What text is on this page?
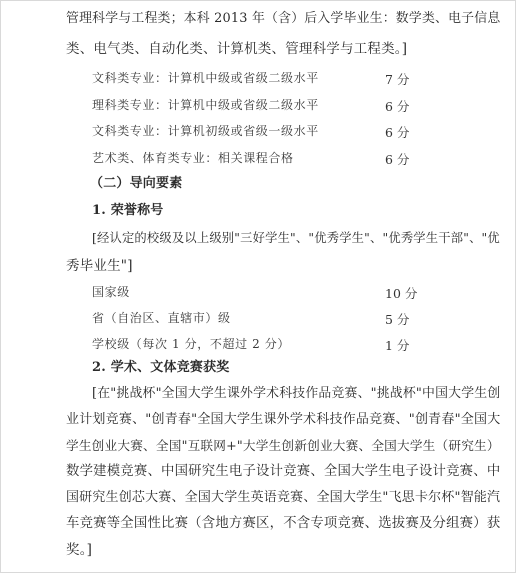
管理科学与工程类；本科 2013 年（含）后入学毕业生：数学类、电子信息
类、电气类、自动化类、计算机类、管理科学与工程类。]
文科类专业：计算机中级或省级二级水平	7 分
理科类专业：计算机中级或省级二级水平	6 分
文科类专业：计算机初级或省级一级水平	6 分
艺术类、体育类专业：相关课程合格	6 分
（二）导向要素
1. 荣誉称号
[经认定的校级及以上级别"三好学生"、"优秀学生"、"优秀学生干部"、"优
秀毕业生"]
国家级	10 分
省（自治区、直辖市）级	5 分
学校级（每次 1 分，不超过 2 分）	1 分
2. 学术、文体竞赛获奖
[在"挑战杯"全国大学生课外学术科技作品竞赛、"挑战杯"中国大学生创
业计划竞赛、"创青春"全国大学生课外学术科技作品竞赛、"创青春"全国大
学生创业大赛、全国"互联网+"大学生创新创业大赛、全国大学生（研究生）
数学建模竞赛、中国研究生电子设计竞赛、全国大学生电子设计竞赛、中
国研究生创芯大赛、全国大学生英语竞赛、全国大学生"飞思卡尔杯"智能汽
车竞赛等全国性比赛（含地方赛区，不含专项竞赛、选拔赛及分组赛）获
奖。]
